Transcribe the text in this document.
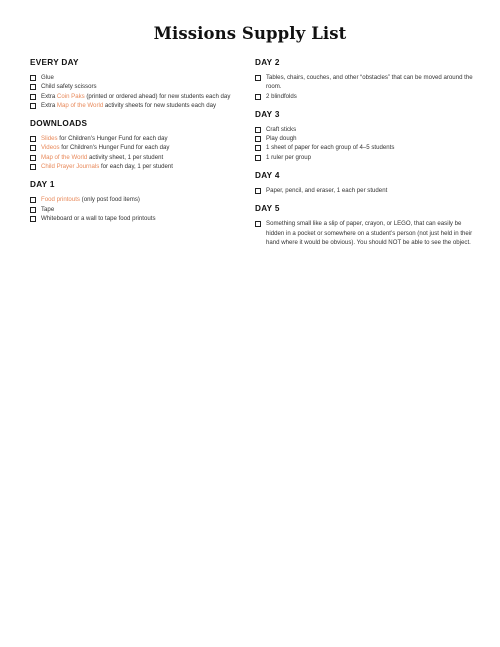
Missions Supply List
EVERY DAY
Glue
Child safety scissors
Extra Coin Paks (printed or ordered ahead) for new students each day
Extra Map of the World activity sheets for new students each day
DOWNLOADS
Slides for Children's Hunger Fund for each day
Videos for Children's Hunger Fund for each day
Map of the World activity sheet, 1 per student
Child Prayer Journals for each day, 1 per student
DAY 1
Food printouts (only post food items)
Tape
Whiteboard or a wall to tape food printouts
DAY 2
Tables, chairs, couches, and other “obstacles” that can be moved around the room.
2 blindfolds
DAY 3
Craft sticks
Play dough
1 sheet of paper for each group of 4–5 students
1 ruler per group
DAY 4
Paper, pencil, and eraser, 1 each per student
DAY 5
Something small like a slip of paper, crayon, or LEGO, that can easily be hidden in a pocket or somewhere on a student’s person (not just held in their hand where it would be obvious). You should NOT be able to see the object.
